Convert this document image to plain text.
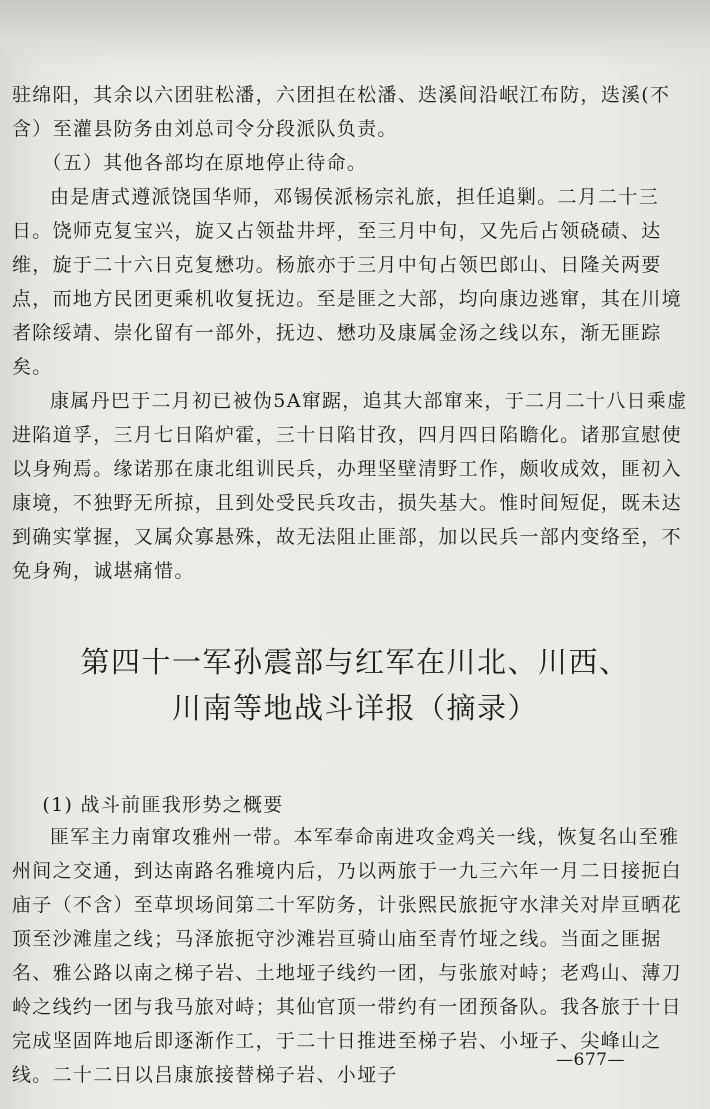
驻绵阳，其余以六团驻松潘，六团担在松潘、迭溪间沿岷江布防，迭溪(不含）至灌县防务由刘总司令分段派队负责。

（五）其他各部均在原地停止待命。

由是唐式遵派饶国华师，邓锡侯派杨宗礼旅，担任追剿。二月二十三日。饶师克复宝兴，旋又占领盐井坪，至三月中旬，又先后占领硗碛、达维，旋于二十六日克复懋功。杨旅亦于三月中旬占领巴郎山、日隆关两要点，而地方民团更乘机收复抚边。至是匪之大部，均向康边逃窜，其在川境者除绥靖、崇化留有一部外，抚边、懋功及康属金汤之线以东，渐无匪踪矣。

康属丹巴于二月初已被伪5A窜踞，追其大部窜来，于二月二十八日乘虚进陷道孚，三月七日陷炉霍，三十日陷甘孜，四月四日陷瞻化。诸那宣慰使以身殉焉。缘诺那在康北组训民兵，办理坚壁清野工作，颇收成效，匪初入康境，不独野无所掠，且到处受民兵攻击，损失基大。惟时间短促，既未达到确实掌握，又属众寡悬殊，故无法阻止匪部，加以民兵一部内变络至，不免身殉，诚堪痛惜。

第四十一军孙震部与红军在川北、川西、
川南等地战斗详报（摘录）

(1) 战斗前匪我形势之概要

匪军主力南窜攻雅州一带。本军奉命南进攻金鸡关一线，恢复名山至雅州间之交通，到达南路名雅境内后，乃以两旅于一九三六年一月二日接扼白庙子（不含）至草坝场间第二十军防务，计张熙民旅扼守水津关对岸亘晒花顶至沙滩崖之线；马泽旅扼守沙滩岩亘骑山庙至青竹垭之线。当面之匪据名、雅公路以南之梯子岩、土地垭子线约一团，与张旅对峙；老鸡山、薄刀岭之线约一团与我马旅对峙；其仙官顶一带约有一团预备队。我各旅于十日完成坚固阵地后即逐渐作工，于二十日推进至梯子岩、小垭子、尖峰山之线。二十二日以吕康旅接替梯子岩、小垭子

—677—
